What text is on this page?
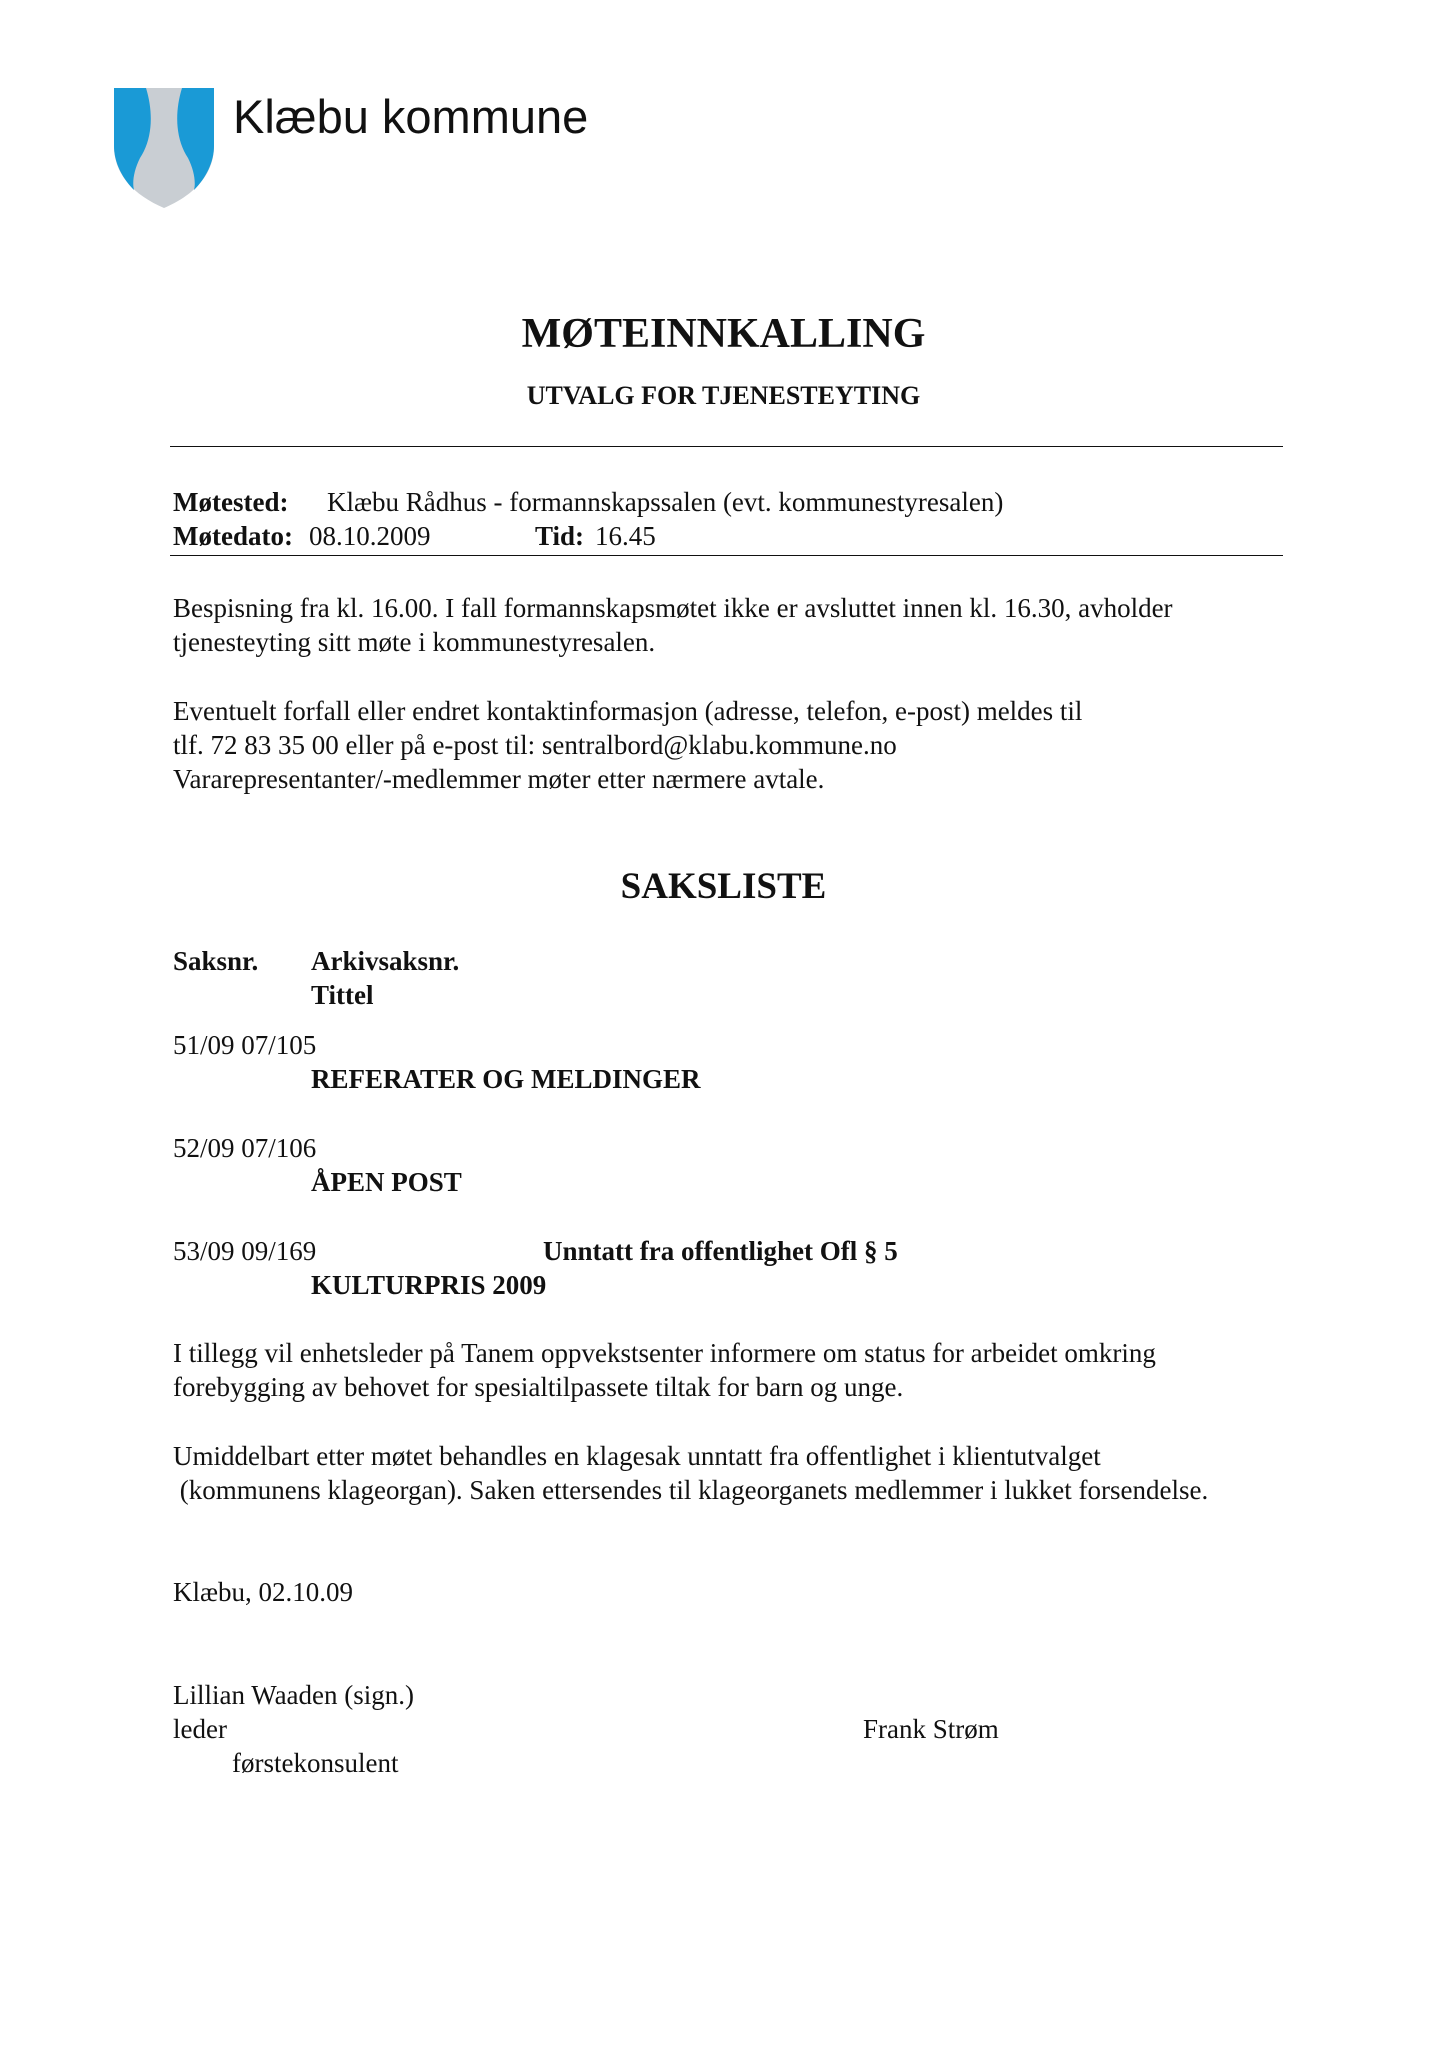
Klæbu kommune
MØTEINNKALLING
UTVALG FOR TJENESTEYTING
Møtested: Klæbu Rådhus - formannskapssalen (evt. kommunestyresalen)
Møtedato: 08.10.2009	Tid: 16.45
Bespisning fra kl. 16.00. I fall formannskapsmøtet ikke er avsluttet innen kl. 16.30, avholder
tjenesteyting sitt møte i kommunestyresalen.
Eventuelt forfall eller endret kontaktinformasjon (adresse, telefon, e-post) meldes til
tlf. 72 83 35 00 eller på e-post til: sentralbord@klabu.kommune.no
Vararepresentanter/-medlemmer møter etter nærmere avtale.
SAKSLISTE
Saksnr. Arkivsaksnr.
Tittel
51/09 07/105
REFERATER OG MELDINGER
52/09 07/106
ÅPEN POST
53/09 09/169	Unntatt fra offentlighet Ofl § 5
KULTURPRIS 2009
I tillegg vil enhetsleder på Tanem oppvekstsenter informere om status for arbeidet omkring
forebygging av behovet for spesialtilpassete tiltak for barn og unge.
Umiddelbart etter møtet behandles en klagesak unntatt fra offentlighet i klientutvalget
(kommunens klageorgan). Saken ettersendes til klageorganets medlemmer i lukket forsendelse.
Klæbu, 02.10.09
Lillian Waaden (sign.)
leder	Frank Strøm
førstekonsulent
